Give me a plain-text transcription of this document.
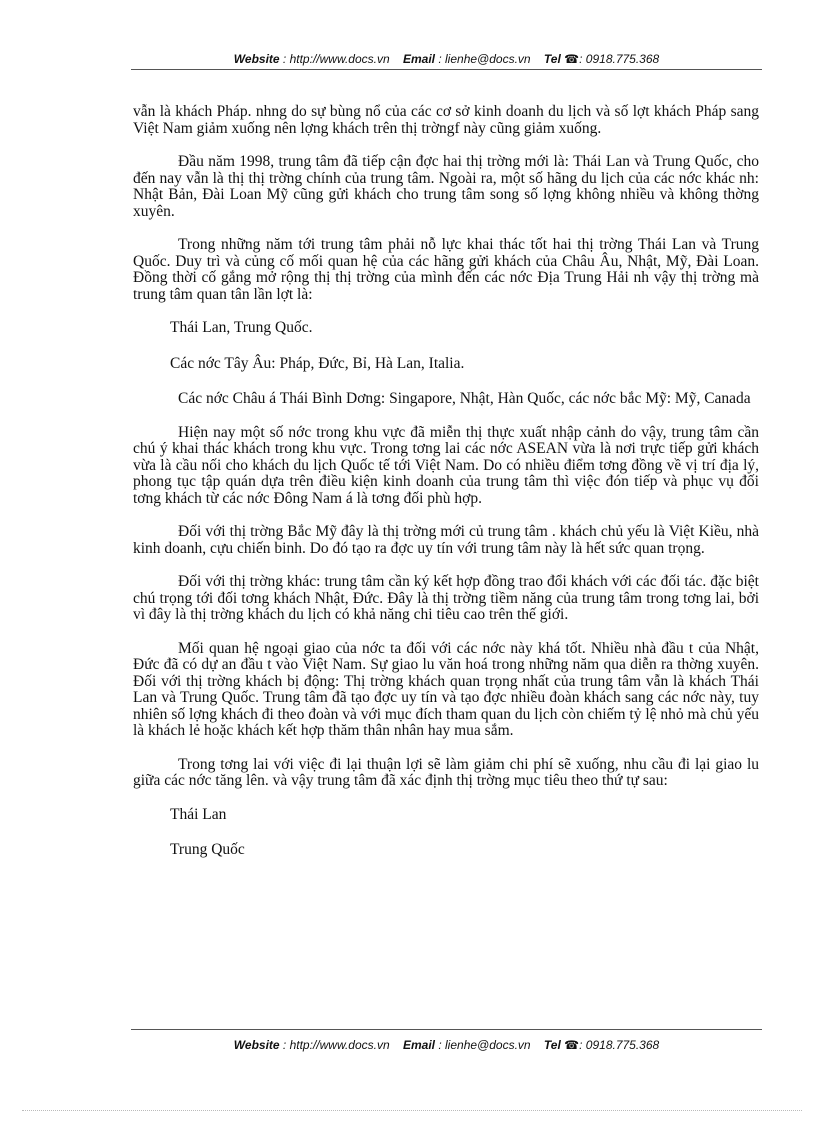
Website : http://www.docs.vn Email : lienhe@docs.vn Tel ☎: 0918.775.368

vẫn là khách Pháp. nhng do sự bùng nổ của các cơ sở kinh doanh du lịch và số lợt khách Pháp sang Việt Nam giảm xuống nên lợng khách trên thị trờngf này cũng giảm xuống.

Đầu năm 1998, trung tâm đã tiếp cận đợc hai thị trờng mới là: Thái Lan và Trung Quốc, cho đến nay vẫn là thị thị trờng chính của trung tâm. Ngoài ra, một số hãng du lịch của các nớc khác nh: Nhật Bản, Đài Loan Mỹ cũng gửi khách cho trung tâm song số lợng không nhiều và không thờng xuyên.

Trong những năm tới trung tâm phải nỗ lực khai thác tốt hai thị trờng Thái Lan và Trung Quốc. Duy trì và củng cố mối quan hệ của các hãng gửi khách của Châu Âu, Nhật, Mỹ, Đài Loan. Đồng thời cố gắng mở rộng thị thị trờng của mình đến các nớc Địa Trung Hải nh vậy thị trờng mà trung tâm quan tân lần lợt là:

Thái Lan, Trung Quốc.

Các nớc Tây Âu: Pháp, Đức, Bỉ, Hà Lan, Italia.

Các nớc Châu á Thái Bình Dơng: Singapore, Nhật, Hàn Quốc, các nớc bắc Mỹ: Mỹ, Canada

Hiện nay một số nớc trong khu vực đã miễn thị thực xuất nhập cảnh do vậy, trung tâm cần chú ý khai thác khách trong khu vực. Trong tơng lai các nớc ASEAN vừa là nơi trực tiếp gửi khách vừa là cầu nối cho khách du lịch Quốc tế tới Việt Nam. Do có nhiều điểm tơng đồng về vị trí địa lý, phong tục tập quán dựa trên điều kiện kinh doanh của trung tâm thì việc đón tiếp và phục vụ đối tơng khách từ các nớc Đông Nam á là tơng đối phù hợp.

Đối với thị trờng Bắc Mỹ đây là thị trờng mới củ trung tâm . khách chủ yếu là Việt Kiều, nhà kinh doanh, cựu chiến binh. Do đó tạo ra đợc uy tín với trung tâm này là hết sức quan trọng.

Đối với thị trờng khác: trung tâm cần ký kết hợp đồng trao đổi khách với các đối tác. đặc biệt chú trọng tới đối tơng khách Nhật, Đức. Đây là thị trờng tiềm năng của trung tâm trong tơng lai, bởi vì đây là thị trờng khách du lịch có khả năng chi tiêu cao trên thế giới.

Mối quan hệ ngoại giao của nớc ta đối với các nớc này khá tốt. Nhiều nhà đầu t của Nhật, Đức đã có dự an đầu t vào Việt Nam. Sự giao lu văn hoá trong những năm qua diễn ra thờng xuyên. Đối với thị trờng khách bị động: Thị trờng khách quan trọng nhất của trung tâm vẫn là khách Thái Lan và Trung Quốc. Trung tâm đã tạo đợc uy tín và tạo đợc nhiều đoàn khách sang các nớc này, tuy nhiên số lợng khách đi theo đoàn và với mục đích tham quan du lịch còn chiếm tỷ lệ nhỏ mà chủ yếu là khách lẻ hoặc khách kết hợp thăm thân nhân hay mua sắm.

Trong tơng lai với việc đi lại thuận lợi sẽ làm giảm chi phí sẽ xuống, nhu cầu đi lại giao lu giữa các nớc tăng lên. và vậy trung tâm đã xác định thị trờng mục tiêu theo thứ tự sau:

Thái Lan

Trung Quốc

Website : http://www.docs.vn Email : lienhe@docs.vn Tel ☎: 0918.775.368
